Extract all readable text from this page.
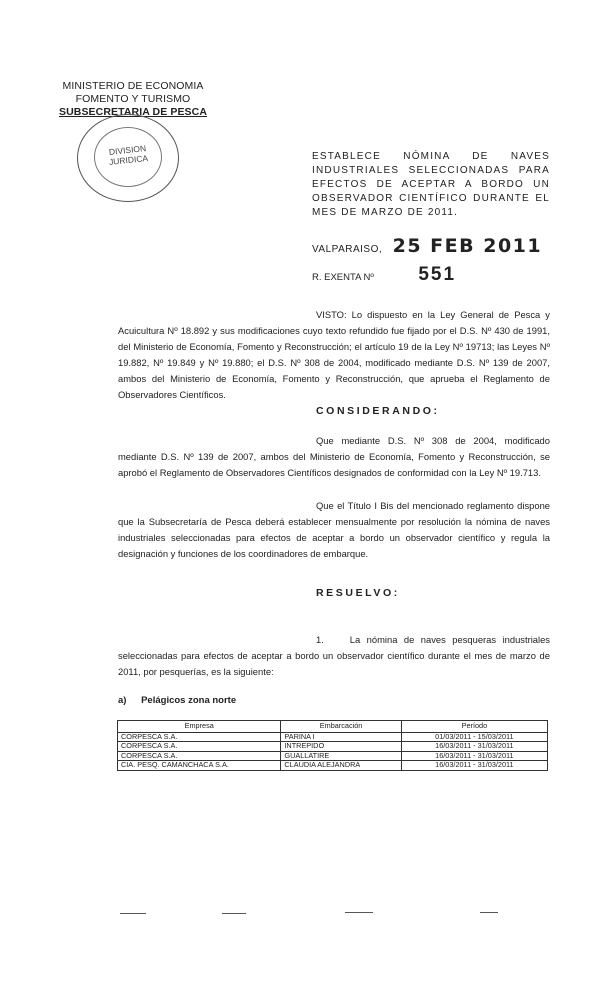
MINISTERIO DE ECONOMIA
FOMENTO Y TURISMO
SUBSECRETARIA DE PESCA
DIVISION
JURIDICA	ESTABLECE NÓMINA DE NAVES INDUSTRIALES SELECCIONADAS PARA EFECTOS DE ACEPTAR A BORDO UN OBSERVADOR CIENTÍFICO DURANTE EL MES DE MARZO DE 2011.
VALPARAISO, 25 FEB 2011
R. EXENTA Nº 551
VISTO: Lo dispuesto en la Ley General de Pesca y Acuicultura Nº 18.892 y sus modificaciones cuyo texto refundido fue fijado por el D.S. Nº 430 de 1991, del Ministerio de Economía, Fomento y Reconstrucción; el artículo 19 de la Ley Nº 19713; las Leyes Nº 19.882, Nº 19.849 y Nº 19.880; el D.S. Nº 308 de 2004, modificado mediante D.S. Nº 139 de 2007, ambos del Ministerio de Economía, Fomento y Reconstrucción, que aprueba el Reglamento de Observadores Científicos.
CONSIDERANDO:
Que mediante D.S. Nº 308 de 2004, modificado mediante D.S. Nº 139 de 2007, ambos del Ministerio de Economía, Fomento y Reconstrucción, se aprobó el Reglamento de Observadores Científicos designados de conformidad con la Ley Nº 19.713.
Que el Título I Bis del mencionado reglamento dispone que la Subsecretaría de Pesca deberá establecer mensualmente por resolución la nómina de naves industriales seleccionadas para efectos de aceptar a bordo un observador científico y regula la designación y funciones de los coordinadores de embarque.
RESUELVO:
1.    La nómina de naves pesqueras industriales seleccionadas para efectos de aceptar a bordo un observador científico durante el mes de marzo de 2011, por pesquerías, es la siguiente:
a) Pelágicos zona norte
Empresa	Embarcación	Período
CORPESCA S.A.	PARINA I	01/03/2011 - 15/03/2011
CORPESCA S.A.	INTREPIDO	16/03/2011 - 31/03/2011
CORPESCA S.A.	GUALLATIRE	16/03/2011 - 31/03/2011
CIA. PESQ. CAMANCHACA S.A.	CLAUDIA ALEJANDRA	16/03/2011 - 31/03/2011
